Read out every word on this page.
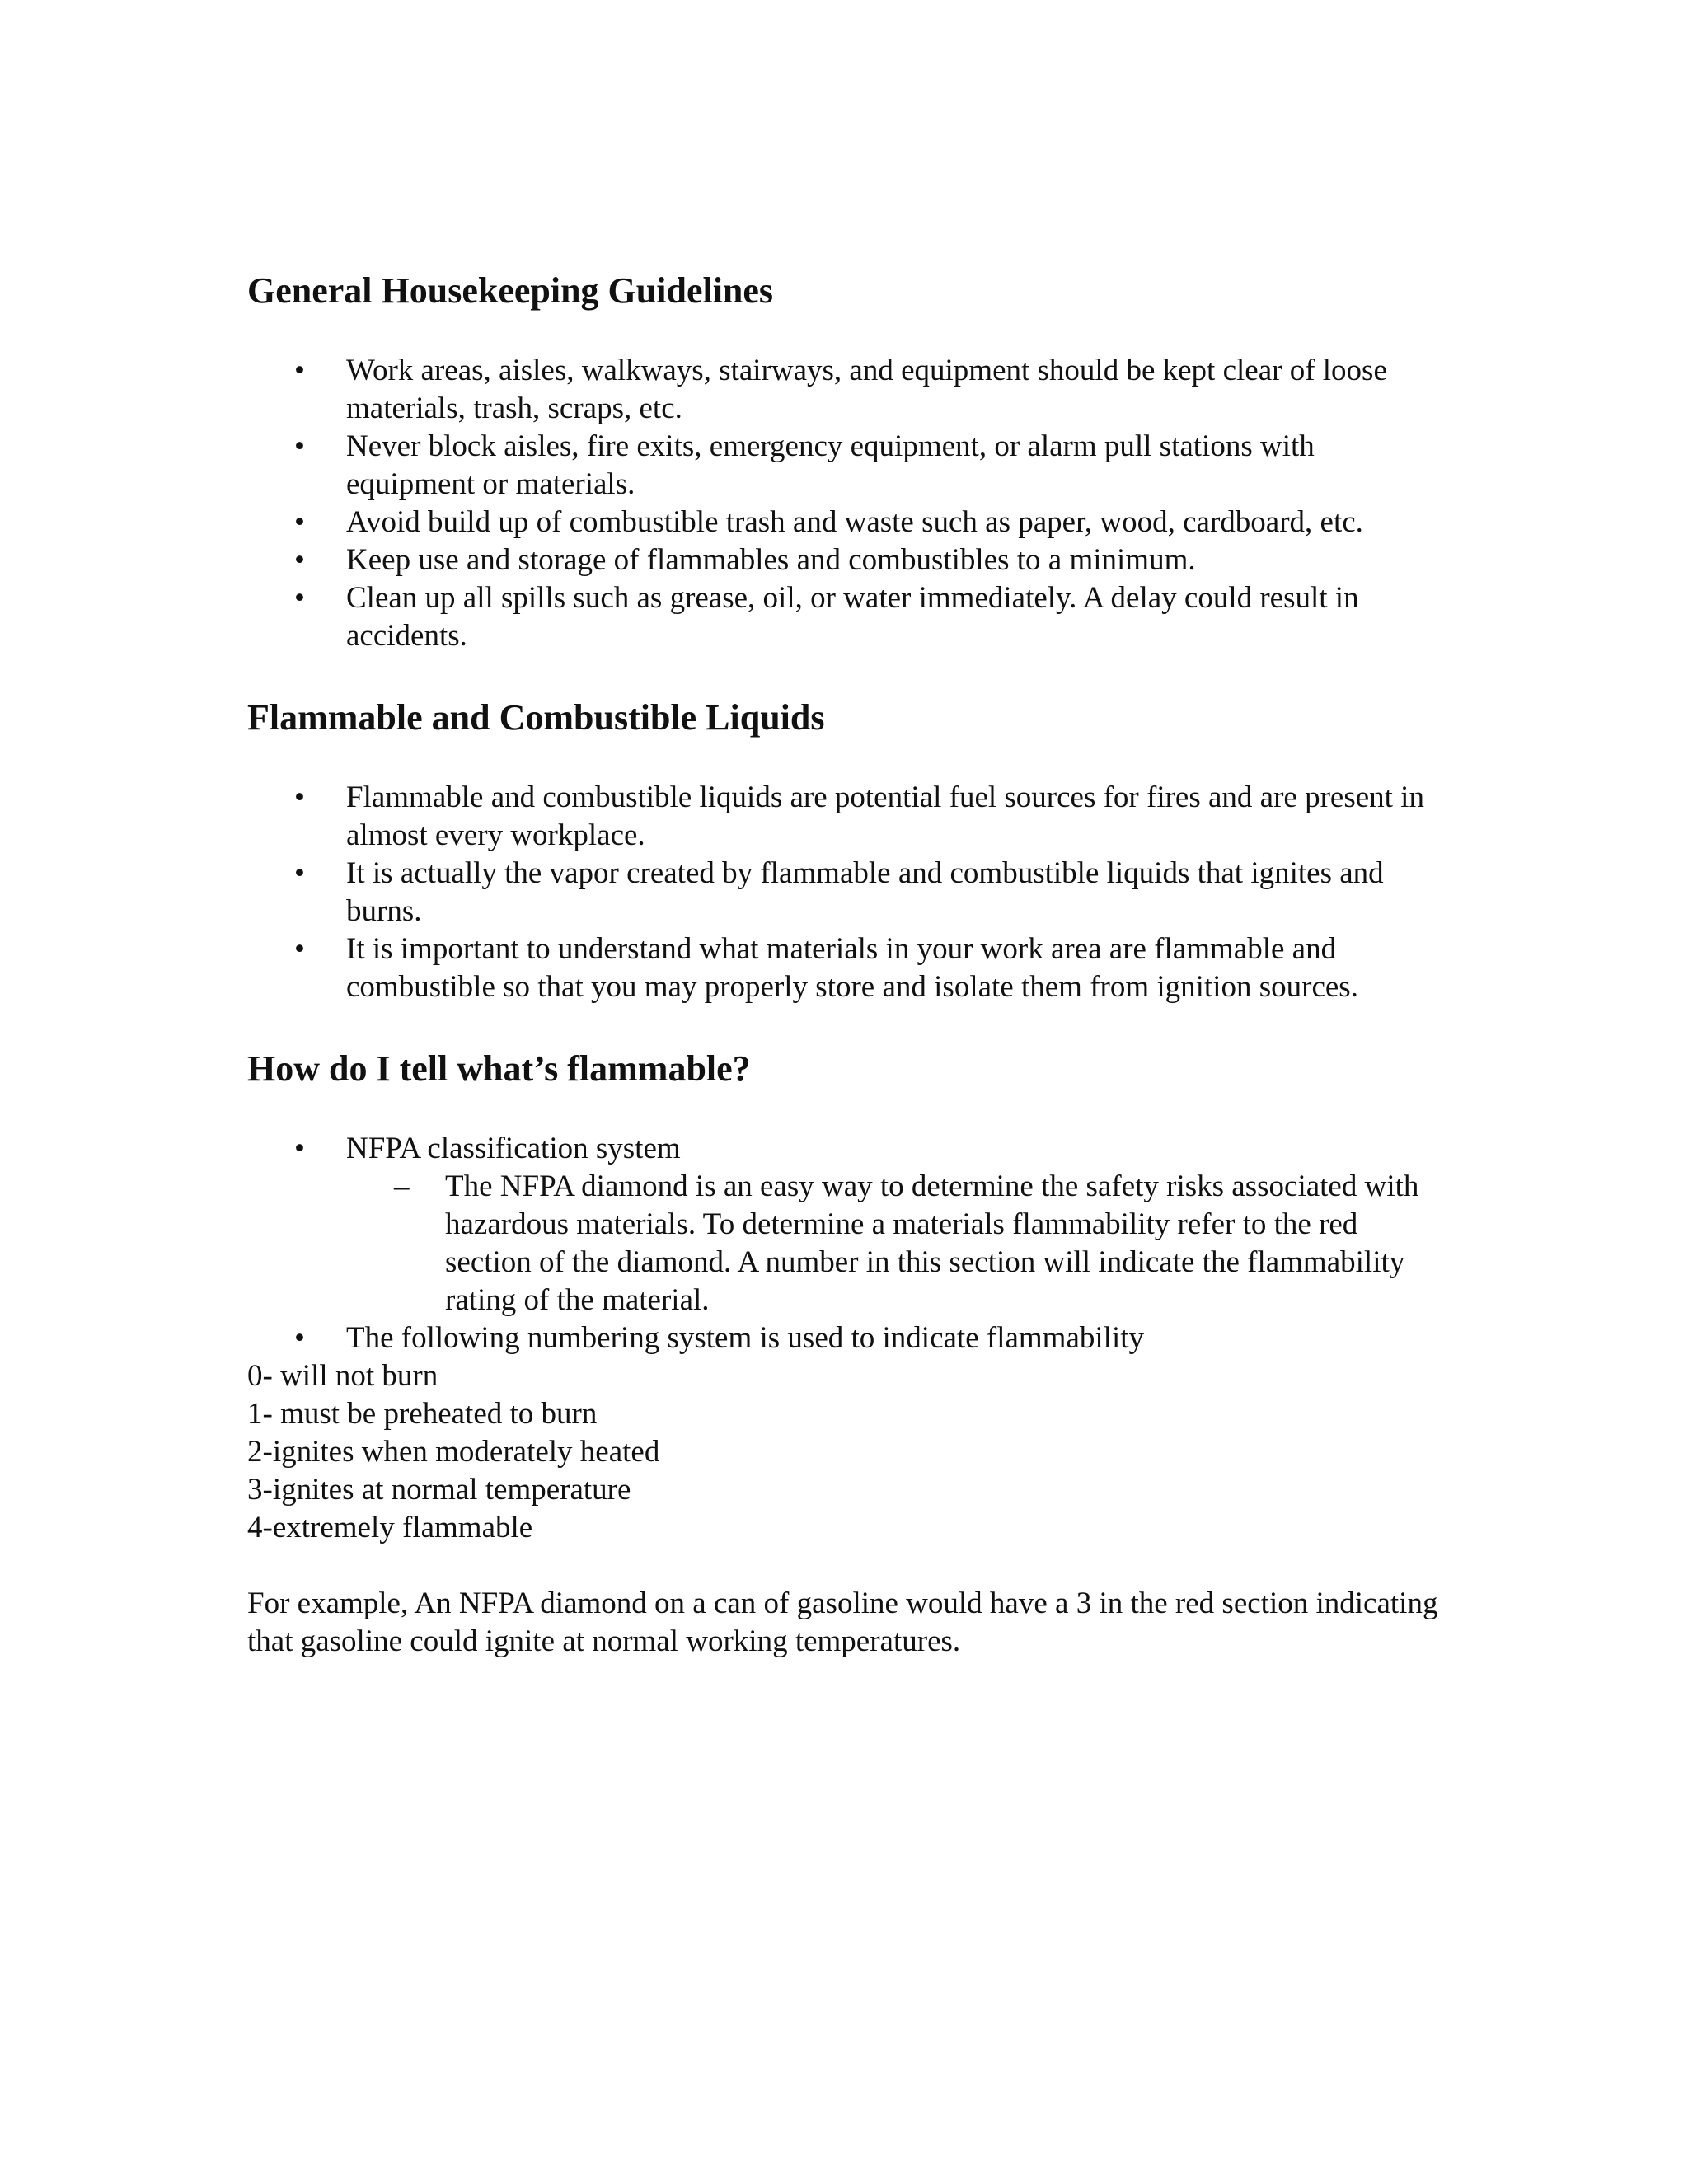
General Housekeeping Guidelines
• Work areas, aisles, walkways, stairways, and equipment should be kept clear of loose materials, trash, scraps, etc.
• Never block aisles, fire exits, emergency equipment, or alarm pull stations with equipment or materials.
• Avoid build up of combustible trash and waste such as paper, wood, cardboard, etc.
• Keep use and storage of flammables and combustibles to a minimum.
• Clean up all spills such as grease, oil, or water immediately. A delay could result in accidents.
Flammable and Combustible Liquids
• Flammable and combustible liquids are potential fuel sources for fires and are present in almost every workplace.
• It is actually the vapor created by flammable and combustible liquids that ignites and burns.
• It is important to understand what materials in your work area are flammable and combustible so that you may properly store and isolate them from ignition sources.
How do I tell what’s flammable?
• NFPA classification system
– The NFPA diamond is an easy way to determine the safety risks associated with hazardous materials. To determine a materials flammability refer to the red section of the diamond. A number in this section will indicate the flammability rating of the material.
• The following numbering system is used to indicate flammability

0- will not burn

1- must be preheated to burn

2-ignites when moderately heated

3-ignites at normal temperature

4-extremely flammable

For example, An NFPA diamond on a can of gasoline would have a 3 in the red section indicating that gasoline could ignite at normal working temperatures.
